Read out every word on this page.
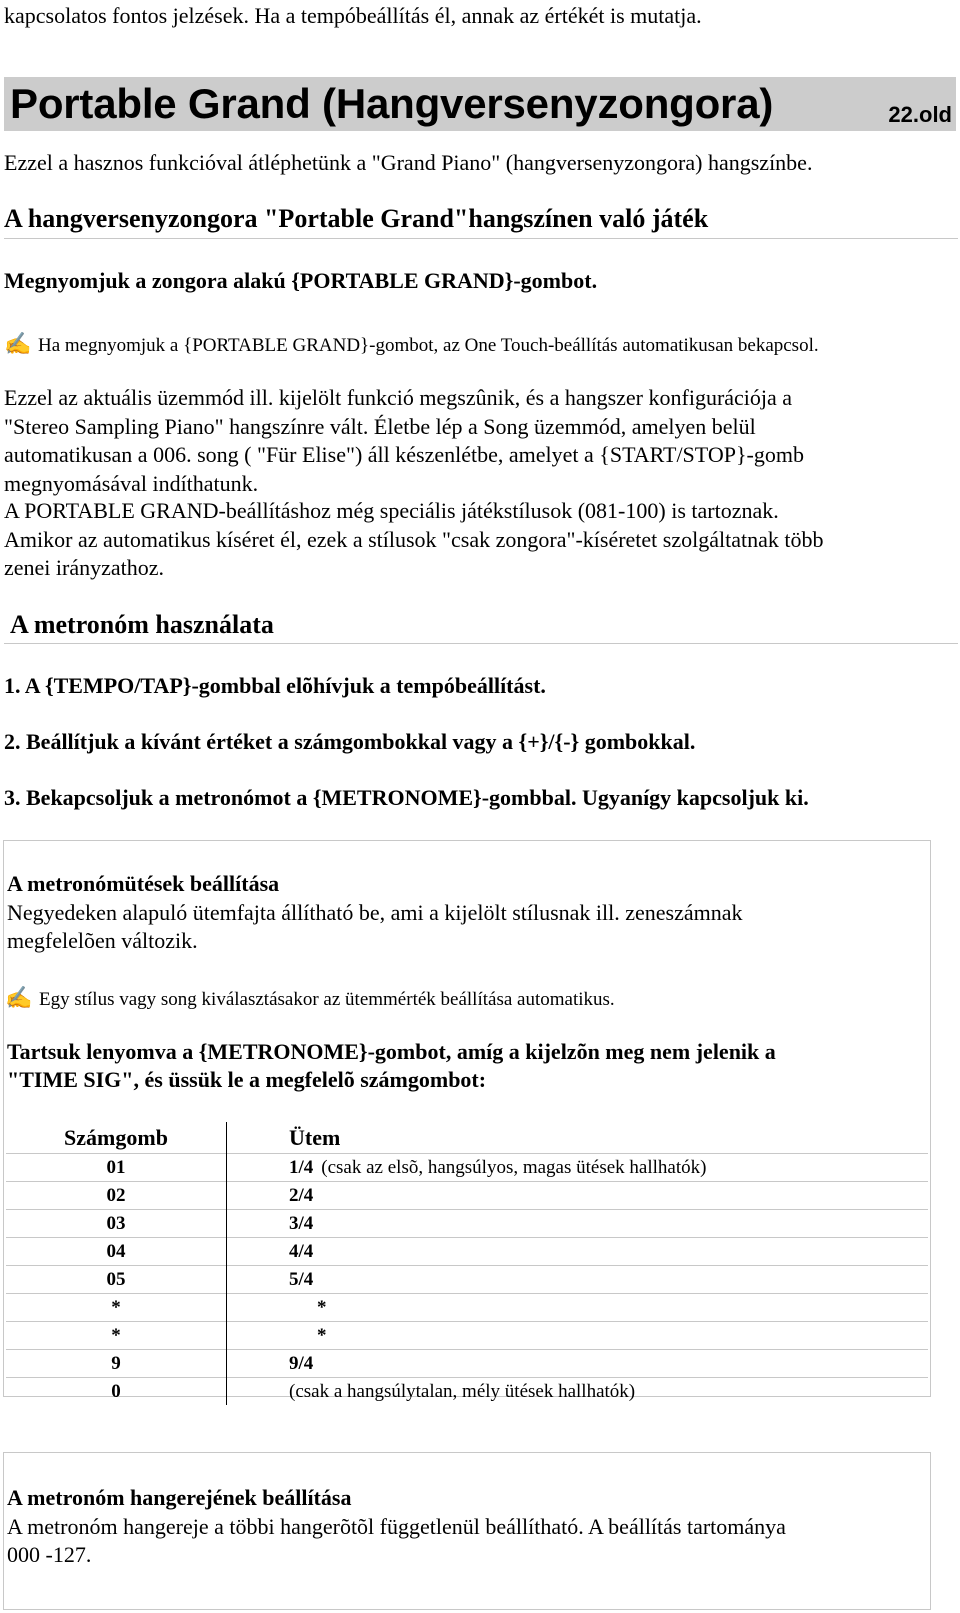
kapcsolatos fontos jelzések. Ha a tempóbeállítás él, annak az értékét is mutatja.
Portable Grand (Hangversenyzongora)	22.old
Ezzel a hasznos funkcióval átléphetünk a "Grand Piano" (hangversenyzongora) hangszínbe.
A hangversenyzongora "Portable Grand"hangszínen való játék
Megnyomjuk a zongora alakú {PORTABLE GRAND}-gombot.
✍ Ha megnyomjuk a {PORTABLE GRAND}-gombot, az One Touch-beállítás automatikusan bekapcsol.
Ezzel az aktuális üzemmód ill. kijelölt funkció megszûnik, és a hangszer konfigurációja a
"Stereo Sampling Piano" hangszínre vált. Életbe lép a Song üzemmód, amelyen belül
automatikusan a 006. song ( "Für Elise") áll készenlétbe, amelyet a {START/STOP}-gomb
megnyomásával indíthatunk.
A PORTABLE GRAND-beállításhoz még speciális játékstílusok (081-100) is tartoznak.
Amikor az automatikus kíséret él, ezek a stílusok "csak zongora"-kíséretet szolgáltatnak több
zenei irányzathoz.
A metronóm használata
1. A {TEMPO/TAP}-gombbal elõhívjuk a tempóbeállítást.
2. Beállítjuk a kívánt értéket a számgombokkal vagy a {+}/{-} gombokkal.
3. Bekapcsoljuk a metronómot a {METRONOME}-gombbal. Ugyanígy kapcsoljuk ki.
A metronómütések beállítása
Negyedeken alapuló ütemfajta állítható be, ami a kijelölt stílusnak ill. zeneszámnak
megfelelõen változik.
✍ Egy stílus vagy song kiválasztásakor az ütemmérték beállítása automatikus.
Tartsuk lenyomva a {METRONOME}-gombot, amíg a kijelzõn meg nem jelenik a
"TIME SIG", és üssük le a megfelelõ számgombot:
Számgomb	Ütem
01	1/4 (csak az elsõ, hangsúlyos, magas ütések hallhatók)
02	2/4
03	3/4
04	4/4
05	5/4
*	*
*	*
9	9/4
0	(csak a hangsúlytalan, mély ütések hallhatók)
A metronóm hangerejének beállítása
A metronóm hangereje a többi hangerõtõl függetlenül beállítható. A beállítás tartománya
000 -127.
